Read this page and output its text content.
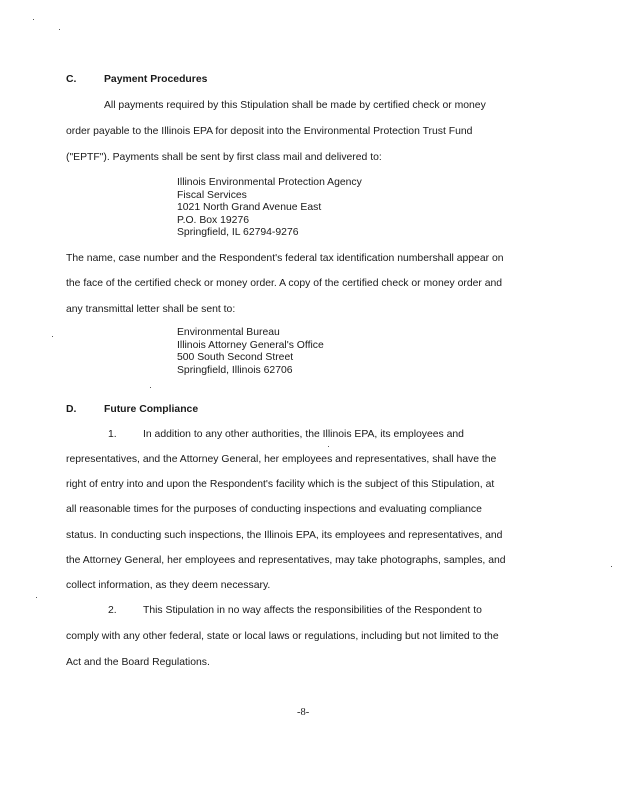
C.	Payment Procedures
All payments required by this Stipulation shall be made by certified check or money
order payable to the Illinois EPA for deposit into the Environmental Protection Trust Fund
("EPTF"). Payments shall be sent by first class mail and delivered to:
Illinois Environmental Protection Agency
Fiscal Services
1021 North Grand Avenue East
P.O. Box 19276
Springfield, IL 62794-9276
The name, case number and the Respondent's federal tax identification numbershall appear on
the face of the certified check or money order. A copy of the certified check or money order and
any transmittal letter shall be sent to:
Environmental Bureau
Illinois Attorney General's Office
500 South Second Street
Springfield, Illinois 62706
D.	Future Compliance
1.	In addition to any other authorities, the Illinois EPA, its employees and
representatives, and the Attorney General, her employees and representatives, shall have the
right of entry into and upon the Respondent's facility which is the subject of this Stipulation, at
all reasonable times for the purposes of conducting inspections and evaluating compliance
status. In conducting such inspections, the Illinois EPA, its employees and representatives, and
the Attorney General, her employees and representatives, may take photographs, samples, and
collect information, as they deem necessary.
2.	This Stipulation in no way affects the responsibilities of the Respondent to
comply with any other federal, state or local laws or regulations, including but not limited to the
Act and the Board Regulations.
-8-
